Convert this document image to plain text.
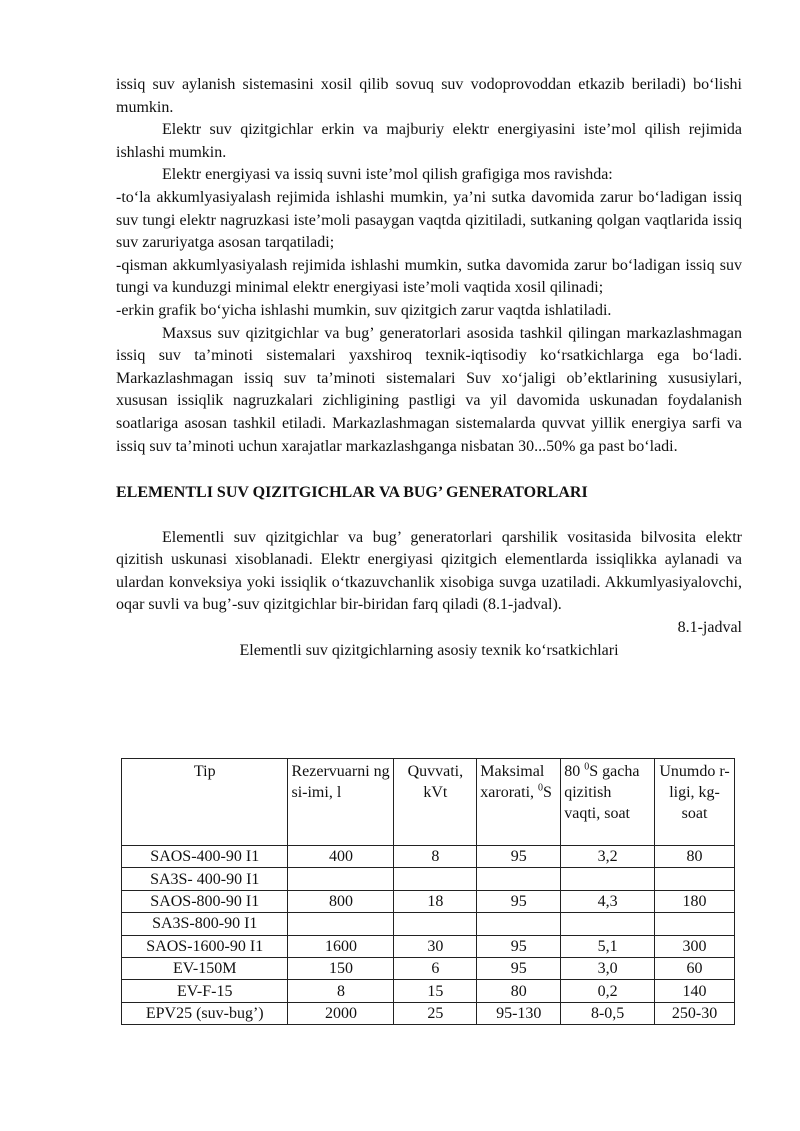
issiq suv aylanish sistemasini xosil qilib sovuq suv vodoprovoddan etkazib beriladi) bo‘lishi mumkin.

Elektr suv qizitgichlar erkin va majburiy elektr energiyasini iste’mol qilish rejimida ishlashi mumkin.

Elektr energiyasi va issiq suvni iste’mol qilish grafigiga mos ravishda:

-to‘la akkumlyasiyalash rejimida ishlashi mumkin, ya’ni sutka davomida zarur bo‘ladigan issiq suv tungi elektr nagruzkasi iste’moli pasaygan vaqtda qizitiladi, sutkaning qolgan vaqtlarida issiq suv zaruriyatga asosan tarqatiladi;

-qisman akkumlyasiyalash rejimida ishlashi mumkin, sutka davomida zarur bo‘ladigan issiq suv tungi va kunduzgi minimal elektr energiyasi iste’moli vaqtida xosil qilinadi;

-erkin grafik bo‘yicha ishlashi mumkin, suv qizitgich zarur vaqtda ishlatiladi.

Maxsus suv qizitgichlar va bug’ generatorlari asosida tashkil qilingan markazlashmagan issiq suv ta’minoti sistemalari yaxshiroq texnik-iqtisodiy ko‘rsatkichlarga ega bo‘ladi. Markazlashmagan issiq suv ta’minoti sistemalari Suv xo‘jaligi ob’ektlarining xususiylari, xususan issiqlik nagruzkalari zichligining pastligi va yil davomida uskunadan foydalanish soatlariga asosan tashkil etiladi. Markazlashmagan sistemalarda quvvat yillik energiya sarfi va issiq suv ta’minoti uchun xarajatlar markazlashganga nisbatan 30...50% ga past bo‘ladi.

ELEMENTLI SUV QIZITGICHLAR VA BUG’ GENERATORLARI

Elementli suv qizitgichlar va bug’ generatorlari qarshilik vositasida bilvosita elektr qizitish uskunasi xisoblanadi. Elektr energiyasi qizitgich elementlarda issiqlikka aylanadi va ulardan konveksiya yoki issiqlik o‘tkazuvchanlik xisobiga suvga uzatiladi. Akkumlyasiyalovchi, oqar suvli va bug’-suv qizitgichlar bir-biridan farq qiladi (8.1-jadval).

8.1-jadval

Elementli suv qizitgichlarning asosiy texnik ko‘rsatkichlari

Tip	Rezervuarni ng si-imi, l	Quvvati, kVt	Maksimal xarorati, $^0$S	80 $^0$S gacha qizitish vaqti, soat	Unumdo r-ligi, kg-soat
SAOS-400-90 I1	400	8	95	3,2	80
SA3S- 400-90 I1					
SAOS-800-90 I1	800	18	95	4,3	180
SA3S-800-90 I1					
SAOS-1600-90 I1	1600	30	95	5,1	300
EV-150M	150	6	95	3,0	60
EV-F-15	8	15	80	0,2	140
EPV25 (suv-bug’)	2000	25	95-130	8-0,5	250-30
